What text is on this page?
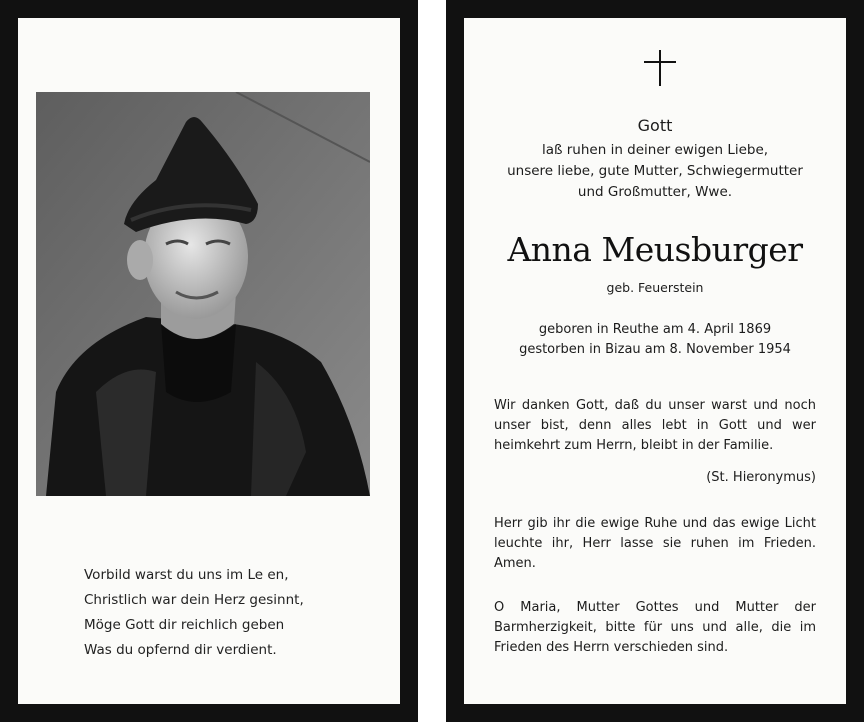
Vorbild warst du uns im Le en,
Christlich war dein Herz gesinnt,
Möge Gott dir reichlich geben
Was du opfernd dir verdient.
Gott
laß ruhen in deiner ewigen Liebe,
unsere liebe, gute Mutter, Schwiegermutter
und Großmutter, Wwe.
Anna Meusburger
geb. Feuerstein
geboren in Reuthe am 4. April 1869
gestorben in Bizau am 8. November 1954
Wir danken Gott, daß du unser warst und noch unser bist, denn alles lebt in Gott und wer heimkehrt zum Herrn, bleibt in der Familie.
(St. Hieronymus)
Herr gib ihr die ewige Ruhe und das ewige Licht leuchte ihr, Herr lasse sie ruhen im Frieden. Amen.
O Maria, Mutter Gottes und Mutter der Barmherzigkeit, bitte für uns und alle, die im Frieden des Herrn verschieden sind.
